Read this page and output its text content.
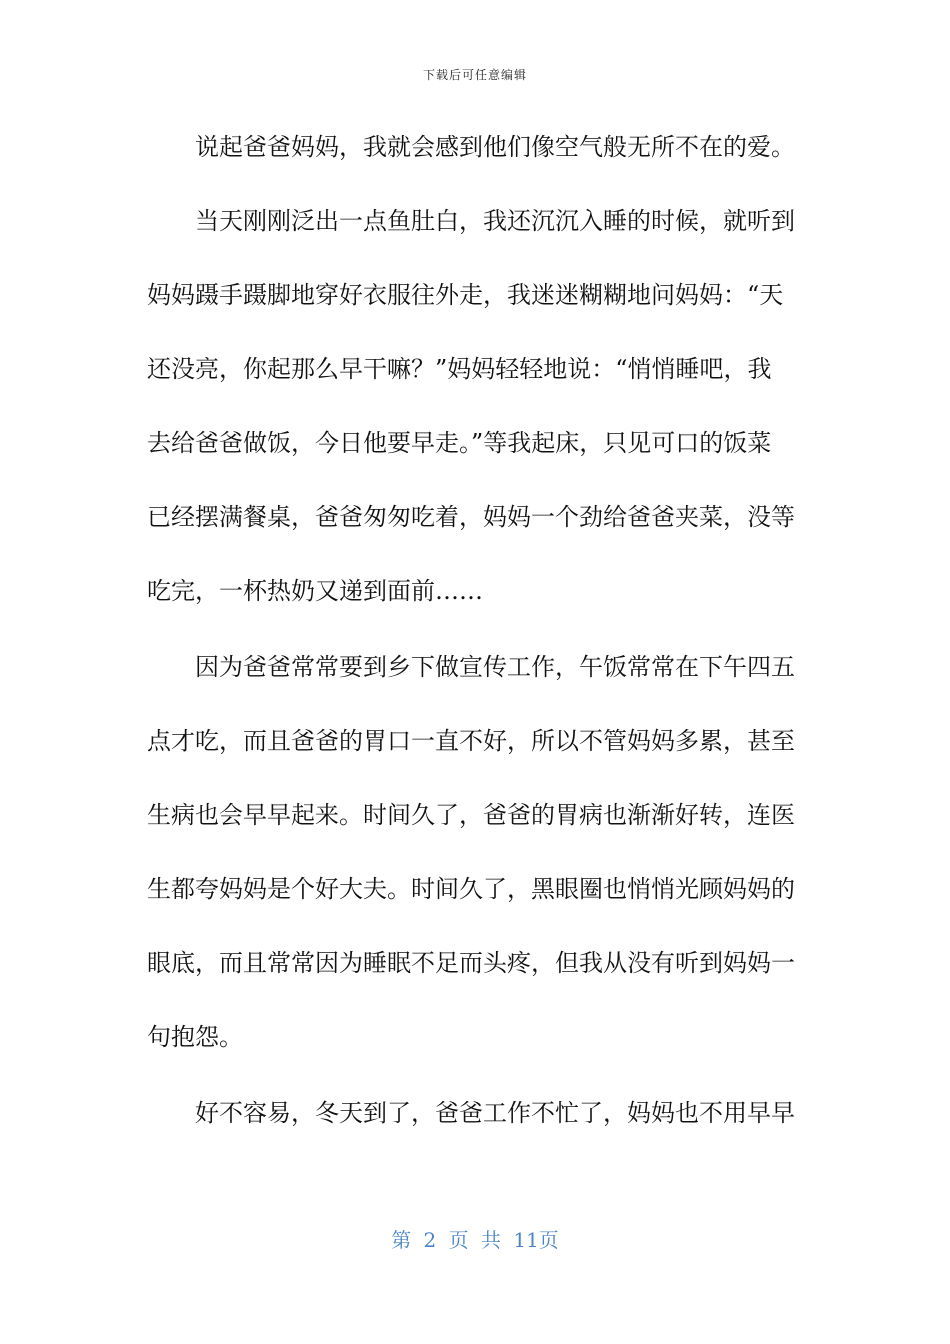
下载后可任意编辑
说起爸爸妈妈，我就会感到他们像空气般无所不在的爱。
当天刚刚泛出一点鱼肚白，我还沉沉入睡的时候，就听到
妈妈蹑手蹑脚地穿好衣服往外走，我迷迷糊糊地问妈妈：“天
还没亮，你起那么早干嘛？”妈妈轻轻地说：“悄悄睡吧，我
去给爸爸做饭，今日他要早走。”等我起床，只见可口的饭菜
已经摆满餐桌，爸爸匆匆吃着，妈妈一个劲给爸爸夹菜，没等
吃完，一杯热奶又递到面前……
因为爸爸常常要到乡下做宣传工作，午饭常常在下午四五
点才吃，而且爸爸的胃口一直不好，所以不管妈妈多累，甚至
生病也会早早起来。时间久了，爸爸的胃病也渐渐好转，连医
生都夸妈妈是个好大夫。时间久了，黑眼圈也悄悄光顾妈妈的
眼底，而且常常因为睡眠不足而头疼，但我从没有听到妈妈一
句抱怨。
好不容易，冬天到了，爸爸工作不忙了，妈妈也不用早早
第 2 页 共 11页
